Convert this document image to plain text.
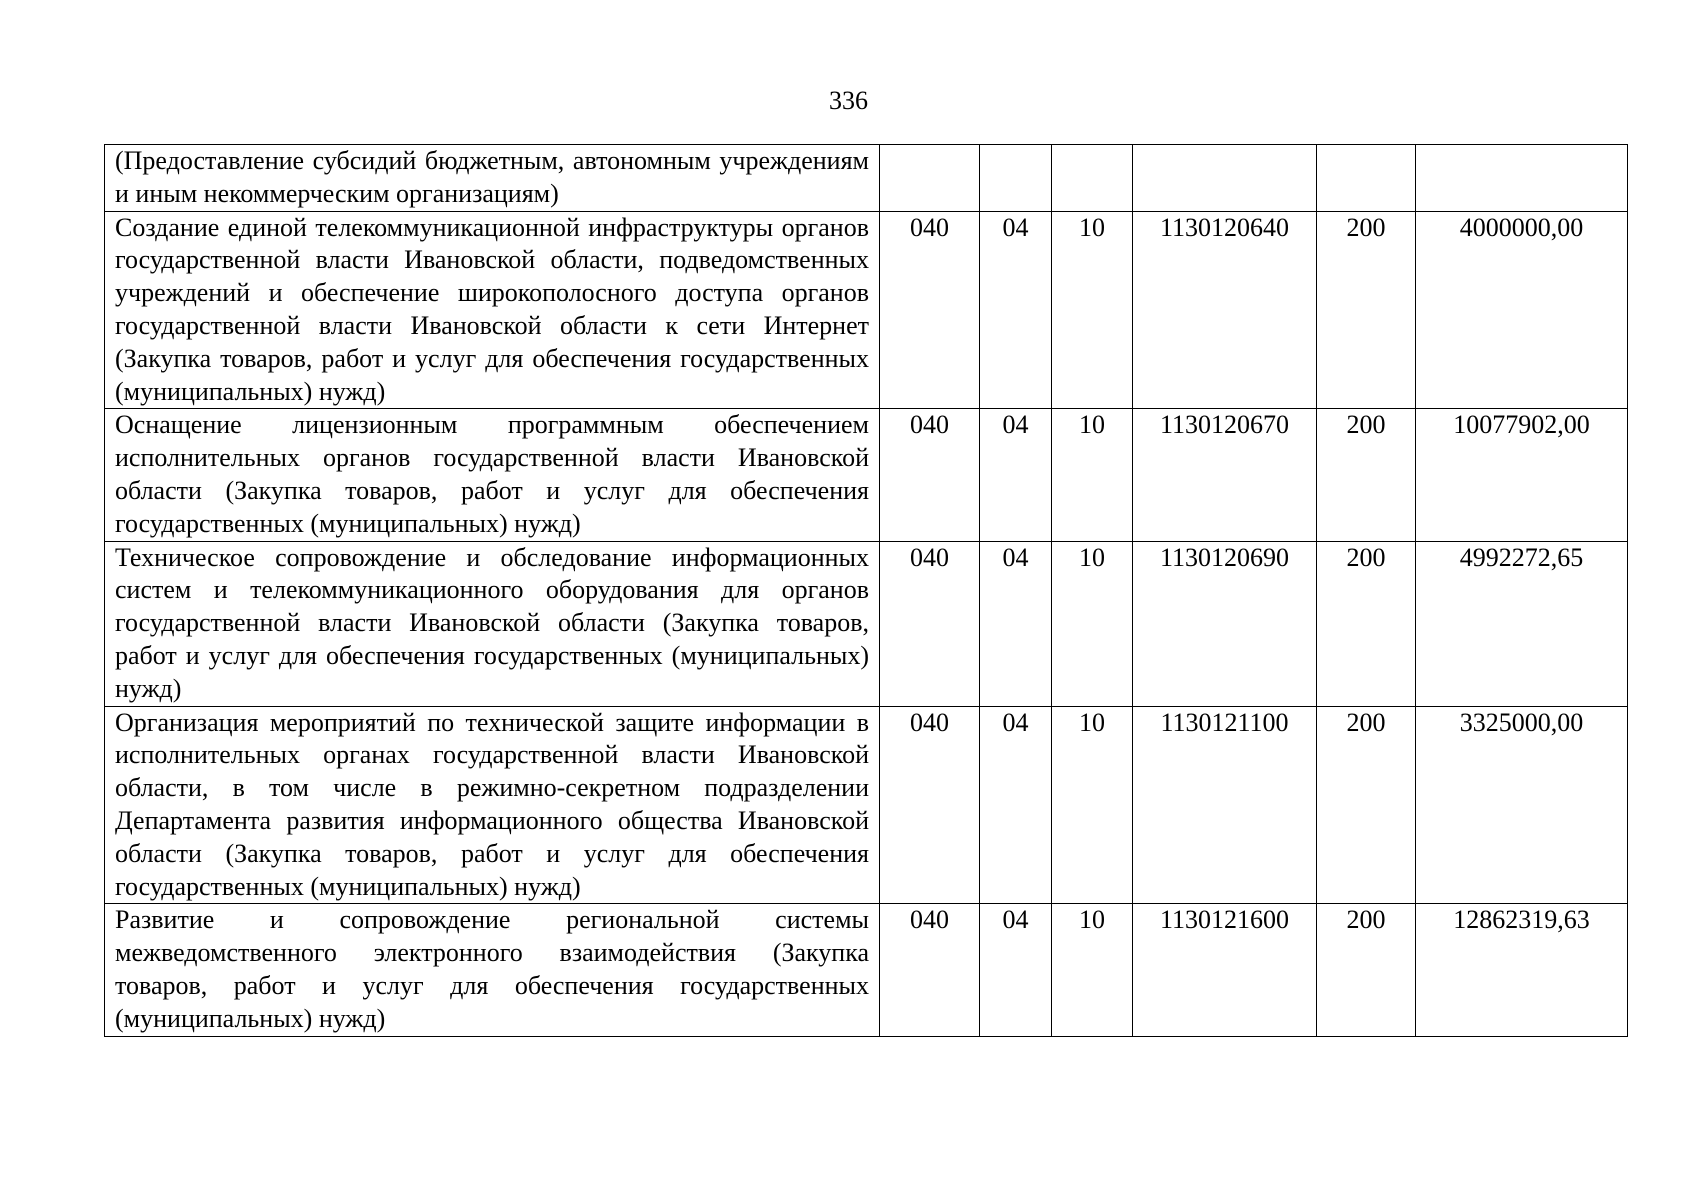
336
(Предоставление субсидий бюджетным, автономным учреждениям и иным некоммерческим организациям)						
Создание единой телекоммуникационной инфраструктуры органов государственной власти Ивановской области, подведомственных учреждений и обеспечение широкополосного доступа органов государственной власти Ивановской области к сети Интернет (Закупка товаров, работ и услуг для обеспечения государственных (муниципальных) нужд)	040	04	10	1130120640	200	4000000,00
Оснащение лицензионным программным обеспечением исполнительных органов государственной власти Ивановской области (Закупка товаров, работ и услуг для обеспечения государственных (муниципальных) нужд)	040	04	10	1130120670	200	10077902,00
Техническое сопровождение и обследование информационных систем и телекоммуникационного оборудования для органов государственной власти Ивановской области (Закупка товаров, работ и услуг для обеспечения государственных (муниципальных) нужд)	040	04	10	1130120690	200	4992272,65
Организация мероприятий по технической защите информации в исполнительных органах государственной власти Ивановской области, в том числе в режимно-секретном подразделении Департамента развития информационного общества Ивановской области (Закупка товаров, работ и услуг для обеспечения государственных (муниципальных) нужд)	040	04	10	1130121100	200	3325000,00
Развитие и сопровождение региональной системы межведомственного электронного взаимодействия (Закупка товаров, работ и услуг для обеспечения государственных (муниципальных) нужд)	040	04	10	1130121600	200	12862319,63
